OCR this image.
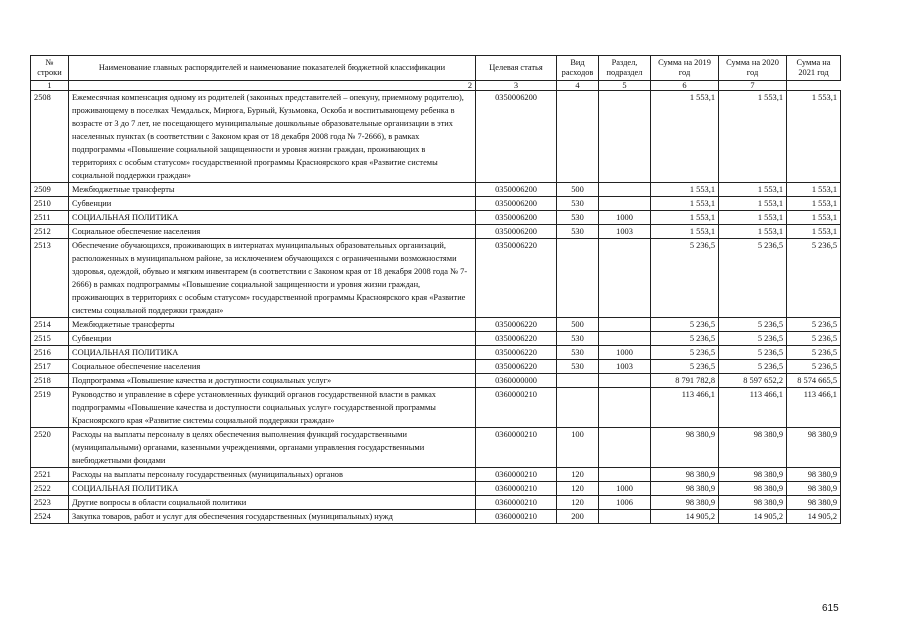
№ строки	Наименование главных распорядителей и наименование показателей бюджетной классификации	Целевая статья	Вид расходов	Раздел, подраздел	Сумма на 2019 год	Сумма на 2020 год	Сумма на 2021 год
1	2	3	4	5	6	7	
2508	Ежемесячная компенсация одному из родителей (законных представителей – опекуну, приемному родителю), проживающему в поселках Чемдальск, Мирюга, Бурный, Кузьмовка, Оскоба и воспитывающему ребенка в возрасте от 3 до 7 лет, не посещающего муниципальные дошкольные образовательные организации в этих населенных пунктах (в соответствии с Законом края от 18 декабря 2008 года № 7-2666), в рамках подпрограммы «Повышение социальной защищенности и уровня жизни граждан, проживающих в территориях с особым статусом» государственной программы Красноярского края «Развитие системы социальной поддержки граждан»	0350006200			1 553,1	1 553,1	1 553,1
2509	Межбюджетные трансферты	0350006200	500		1 553,1	1 553,1	1 553,1
2510	Субвенции	0350006200	530		1 553,1	1 553,1	1 553,1
2511	СОЦИАЛЬНАЯ ПОЛИТИКА	0350006200	530	1000	1 553,1	1 553,1	1 553,1
2512	Социальное обеспечение населения	0350006200	530	1003	1 553,1	1 553,1	1 553,1
2513	Обеспечение обучающихся, проживающих в интернатах муниципальных образовательных организаций, расположенных в муниципальном районе, за исключением обучающихся с ограниченными возможностями здоровья, одеждой, обувью и мягким инвентарем (в соответствии с Законом края от 18 декабря 2008 года № 7-2666) в рамках подпрограммы «Повышение социальной защищенности и уровня жизни граждан, проживающих в территориях с особым статусом» государственной программы Красноярского края «Развитие системы социальной поддержки граждан»	0350006220			5 236,5	5 236,5	5 236,5
2514	Межбюджетные трансферты	0350006220	500		5 236,5	5 236,5	5 236,5
2515	Субвенции	0350006220	530		5 236,5	5 236,5	5 236,5
2516	СОЦИАЛЬНАЯ ПОЛИТИКА	0350006220	530	1000	5 236,5	5 236,5	5 236,5
2517	Социальное обеспечение населения	0350006220	530	1003	5 236,5	5 236,5	5 236,5
2518	Подпрограмма «Повышение качества и доступности социальных услуг»	0360000000			8 791 782,8	8 597 652,2	8 574 665,5
2519	Руководство и управление в сфере установленных функций органов государственной власти в рамках подпрограммы «Повышение качества и доступности социальных услуг» государственной программы Красноярского края «Развитие системы социальной поддержки граждан»	0360000210			113 466,1	113 466,1	113 466,1
2520	Расходы на выплаты персоналу в целях обеспечения выполнения функций государственными (муниципальными) органами, казенными учреждениями, органами управления государственными внебюджетными фондами	0360000210	100		98 380,9	98 380,9	98 380,9
2521	Расходы на выплаты персоналу государственных (муниципальных) органов	0360000210	120		98 380,9	98 380,9	98 380,9
2522	СОЦИАЛЬНАЯ ПОЛИТИКА	0360000210	120	1000	98 380,9	98 380,9	98 380,9
2523	Другие вопросы в области социальной политики	0360000210	120	1006	98 380,9	98 380,9	98 380,9
2524	Закупка товаров, работ и услуг для обеспечения государственных (муниципальных) нужд	0360000210	200		14 905,2	14 905,2	14 905,2
615
